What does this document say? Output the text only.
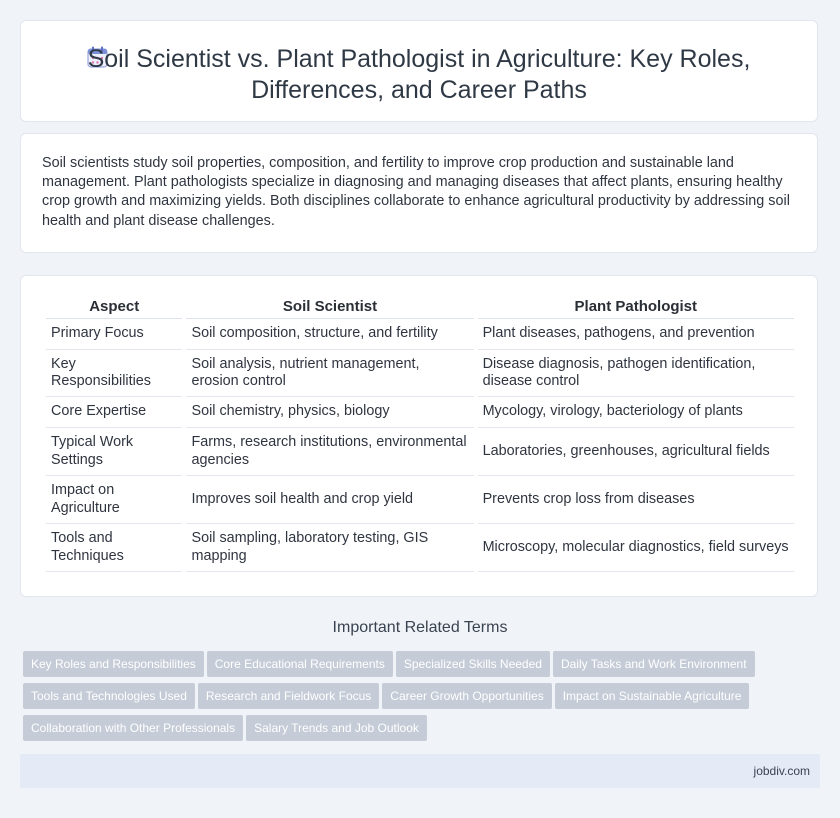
Soil Scientist vs. Plant Pathologist in Agriculture: Key Roles, Differences, and Career Paths
Soil scientists study soil properties, composition, and fertility to improve crop production and sustainable land management. Plant pathologists specialize in diagnosing and managing diseases that affect plants, ensuring healthy crop growth and maximizing yields. Both disciplines collaborate to enhance agricultural productivity by addressing soil health and plant disease challenges.
Aspect	Soil Scientist	Plant Pathologist
Primary Focus	Soil composition, structure, and fertility	Plant diseases, pathogens, and prevention
Key Responsibilities	Soil analysis, nutrient management, erosion control	Disease diagnosis, pathogen identification, disease control
Core Expertise	Soil chemistry, physics, biology	Mycology, virology, bacteriology of plants
Typical Work Settings	Farms, research institutions, environmental agencies	Laboratories, greenhouses, agricultural fields
Impact on Agriculture	Improves soil health and crop yield	Prevents crop loss from diseases
Tools and Techniques	Soil sampling, laboratory testing, GIS mapping	Microscopy, molecular diagnostics, field surveys
Important Related Terms
Key Roles and Responsibilities Core Educational Requirements Specialized Skills Needed Daily Tasks and Work Environment
Tools and Technologies Used Research and Fieldwork Focus Career Growth Opportunities Impact on Sustainable Agriculture
Collaboration with Other Professionals Salary Trends and Job Outlook
jobdiv.com
